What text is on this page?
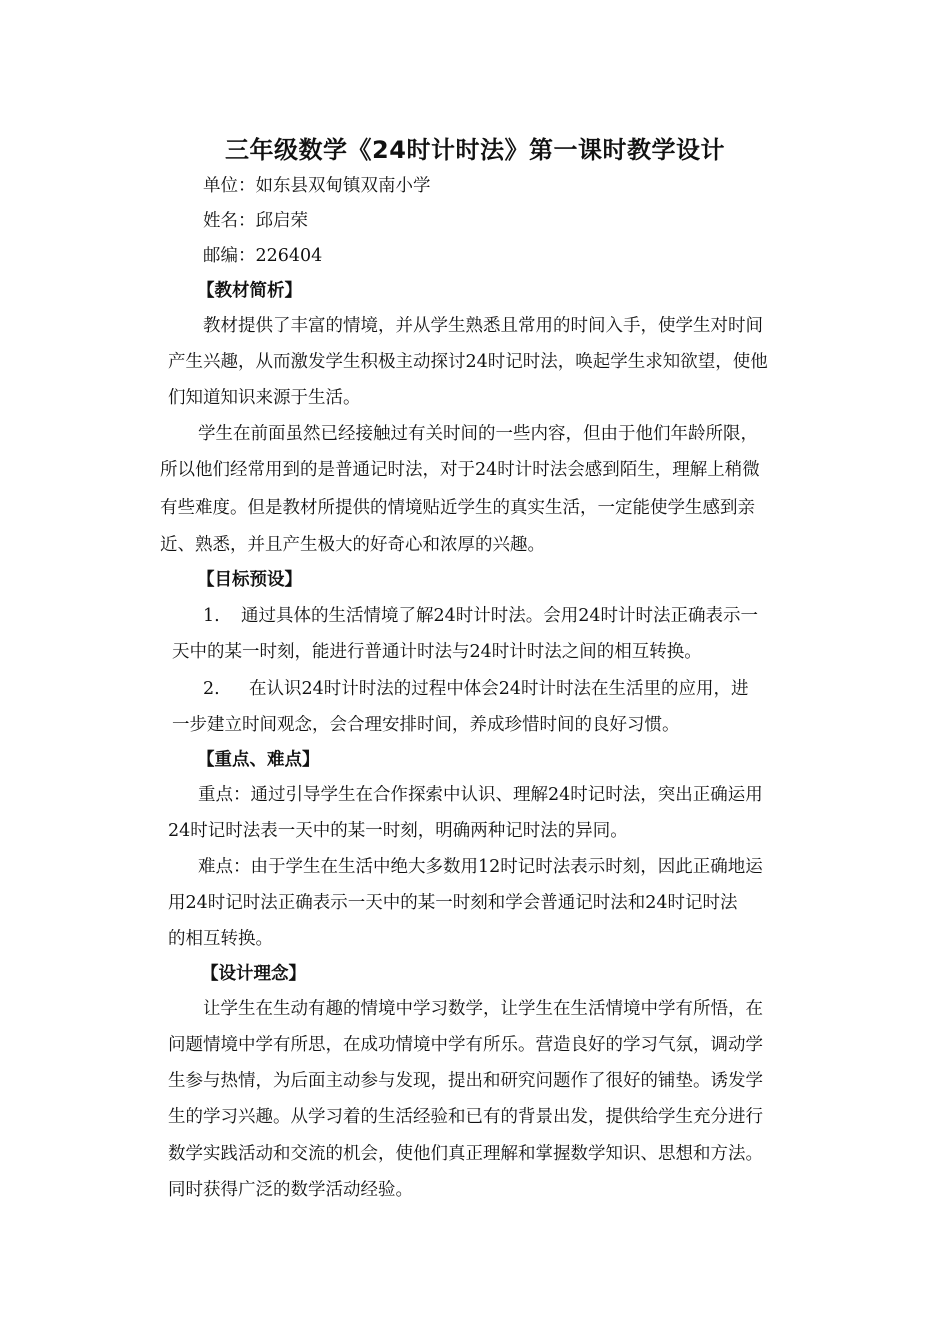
三年级数学《24时计时法》第一课时教学设计

单位：如东县双甸镇双南小学

姓名：邱启荣

邮编：226404

【教材简析】

教材提供了丰富的情境，并从学生熟悉且常用的时间入手，使学生对时间

产生兴趣，从而激发学生积极主动探讨24时记时法，唤起学生求知欲望，使他

们知道知识来源于生活。

学生在前面虽然已经接触过有关时间的一些内容，但由于他们年龄所限，

所以他们经常用到的是普通记时法，对于24时计时法会感到陌生，理解上稍微

有些难度。但是教材所提供的情境贴近学生的真实生活，一定能使学生感到亲

近、熟悉，并且产生极大的好奇心和浓厚的兴趣。

【目标预设】

1. 通过具体的生活情境了解24时计时法。会用24时计时法正确表示一

天中的某一时刻，能进行普通计时法与24时计时法之间的相互转换。

2. 在认识24时计时法的过程中体会24时计时法在生活里的应用，进

一步建立时间观念，会合理安排时间，养成珍惜时间的良好习惯。

【重点、难点】

重点：通过引导学生在合作探索中认识、理解24时记时法，突出正确运用

24时记时法表一天中的某一时刻，明确两种记时法的异同。

难点：由于学生在生活中绝大多数用12时记时法表示时刻，因此正确地运

用24时记时法正确表示一天中的某一时刻和学会普通记时法和24时记时法

的相互转换。

【设计理念】

让学生在生动有趣的情境中学习数学，让学生在生活情境中学有所悟，在

问题情境中学有所思，在成功情境中学有所乐。营造良好的学习气氛，调动学

生参与热情，为后面主动参与发现，提出和研究问题作了很好的铺垫。诱发学

生的学习兴趣。从学习着的生活经验和已有的背景出发，提供给学生充分进行

数学实践活动和交流的机会，使他们真正理解和掌握数学知识、思想和方法。

同时获得广泛的数学活动经验。
